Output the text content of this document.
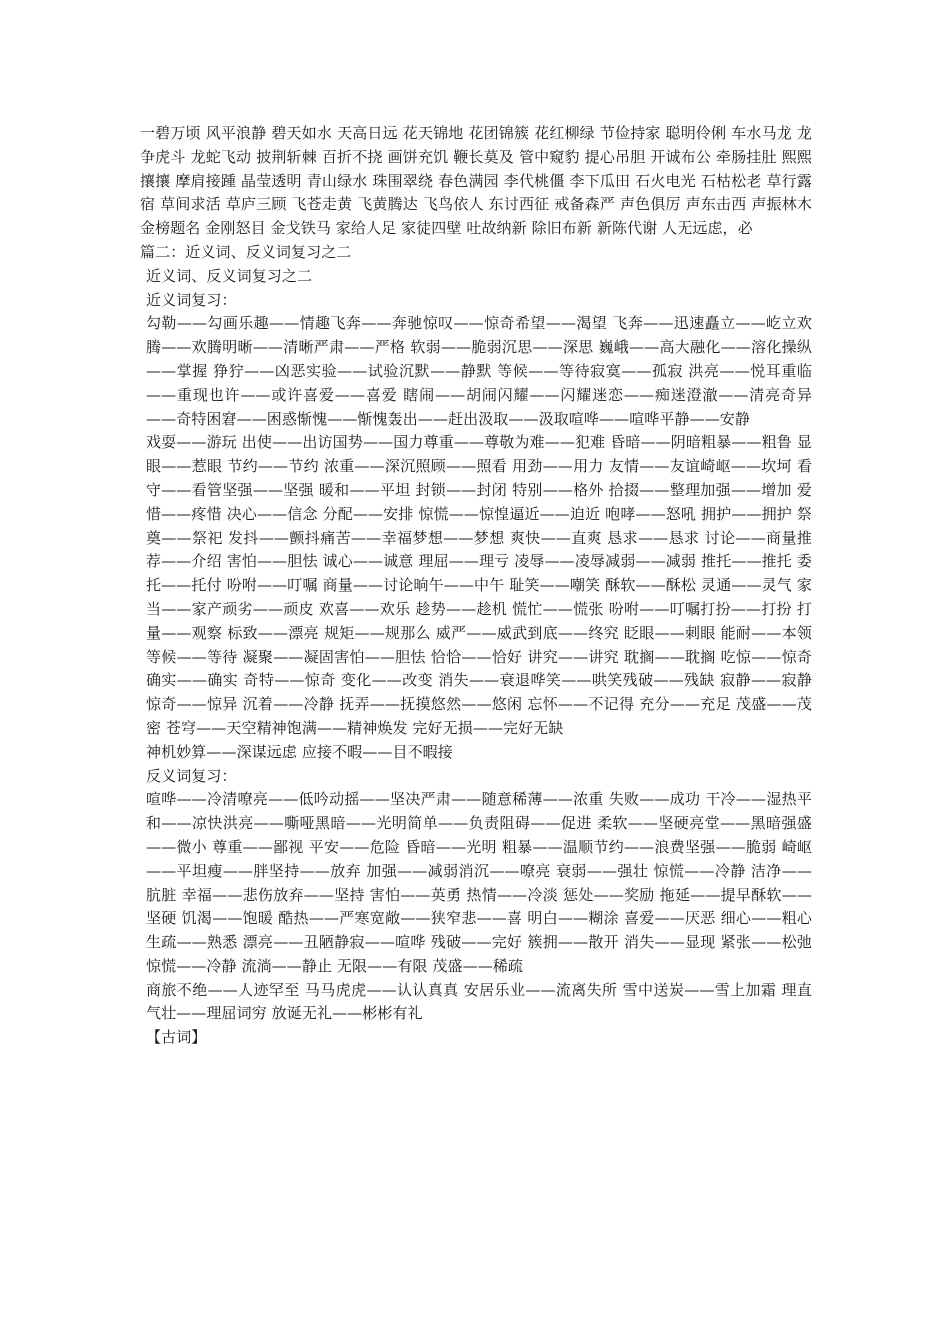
一碧万顷 风平浪静 碧天如水 天高日远 花天锦地 花团锦簇 花红柳绿 节俭持家 聪明伶俐 车水马龙 龙争虎斗 龙蛇飞动 披荆斩棘 百折不挠 画饼充饥 鞭长莫及 管中窥豹 提心吊胆 开诚布公 牵肠挂肚 熙熙攘攘 摩肩接踵 晶莹透明 青山绿水 珠围翠绕 春色满园 李代桃僵 李下瓜田 石火电光 石枯松老 草行露宿 草间求活 草庐三顾 飞苍走黄 飞黄腾达 飞鸟依人 东讨西征 戒备森严 声色俱厉 声东击西 声振林木 金榜题名 金刚怒目 金戈铁马 家给人足 家徒四壁 吐故纳新 除旧布新 新陈代谢 人无远虑，必

篇二：近义词、反义词复习之二

近义词、反义词复习之二

近义词复习：

勾勒——勾画乐趣——情趣飞奔——奔驰惊叹——惊奇希望——渴望 飞奔——迅速矗立——屹立欢腾——欢腾明晰——清晰严肃——严格 软弱——脆弱沉思——深思 巍峨——高大融化——溶化操纵——掌握 狰狞——凶恶实验——试验沉默——静默 等候——等待寂寞——孤寂 洪亮——悦耳重临——重现也许——或许喜爱——喜爱 瞎闹——胡闹闪耀——闪耀迷恋——痴迷澄澈——清亮奇异——奇特困窘——困惑惭愧——惭愧轰出——赶出汲取——汲取喧哗——喧哗平静——安静

戏耍——游玩 出使——出访国势——国力尊重——尊敬为难——犯难 昏暗——阴暗粗暴——粗鲁 显眼——惹眼 节约——节约 浓重——深沉照顾——照看 用劲——用力 友情——友谊崎岖——坎坷 看守——看管坚强——坚强 暖和——平坦 封锁——封闭 特别——格外 拾掇——整理加强——增加 爱惜——疼惜 决心——信念 分配——安排 惊慌——惊惶逼近——迫近 咆哮——怒吼 拥护——拥护 祭奠——祭祀 发抖——颤抖痛苦——幸福梦想——梦想 爽快——直爽 恳求——恳求 讨论——商量推荐——介绍 害怕——胆怯 诚心——诚意 理屈——理亏 凌辱——凌辱减弱——减弱 推托——推托 委托——托付 吩咐——叮嘱 商量——讨论晌午——中午 耻笑——嘲笑 酥软——酥松 灵通——灵气 家当——家产顽劣——顽皮 欢喜——欢乐 趁势——趁机 慌忙——慌张 吩咐——叮嘱打扮——打扮 打量——观察 标致——漂亮 规矩——规那么 威严——威武到底——终究 眨眼——刺眼 能耐——本领 等候——等待 凝聚——凝固害怕——胆怯 恰恰——恰好 讲究——讲究 耽搁——耽搁 吃惊——惊奇确实——确实 奇特——惊奇 变化——改变 消失——衰退哗笑——哄笑残破——残缺 寂静——寂静 惊奇——惊异 沉着——冷静 抚弄——抚摸悠然——悠闲 忘怀——不记得 充分——充足 茂盛——茂密 苍穹——天空精神饱满——精神焕发 完好无损——完好无缺

神机妙算——深谋远虑 应接不暇——目不暇接

反义词复习：

喧哗——冷清嘹亮——低吟动摇——坚决严肃——随意稀薄——浓重 失败——成功 干冷——湿热平和——凉快洪亮——嘶哑黑暗——光明简单——负责阻碍——促进 柔软——坚硬亮堂——黑暗强盛——微小 尊重——鄙视 平安——危险 昏暗——光明 粗暴——温顺节约——浪费坚强——脆弱 崎岖——平坦瘦——胖坚持——放弃 加强——减弱消沉——嘹亮 衰弱——强壮 惊慌——冷静 洁净——肮脏 幸福——悲伤放弃——坚持 害怕——英勇 热情——冷淡 惩处——奖励 拖延——提早酥软——坚硬 饥渴——饱暖 酷热——严寒宽敞——狭窄悲——喜 明白——糊涂 喜爱——厌恶 细心——粗心 生疏——熟悉 漂亮——丑陋静寂——喧哗 残破——完好 簇拥——散开 消失——显现 紧张——松弛惊慌——冷静 流淌——静止 无限——有限 茂盛——稀疏

商旅不绝——人迹罕至 马马虎虎——认认真真 安居乐业——流离失所 雪中送炭——雪上加霜 理直气壮——理屈词穷 放诞无礼——彬彬有礼

【古词】
